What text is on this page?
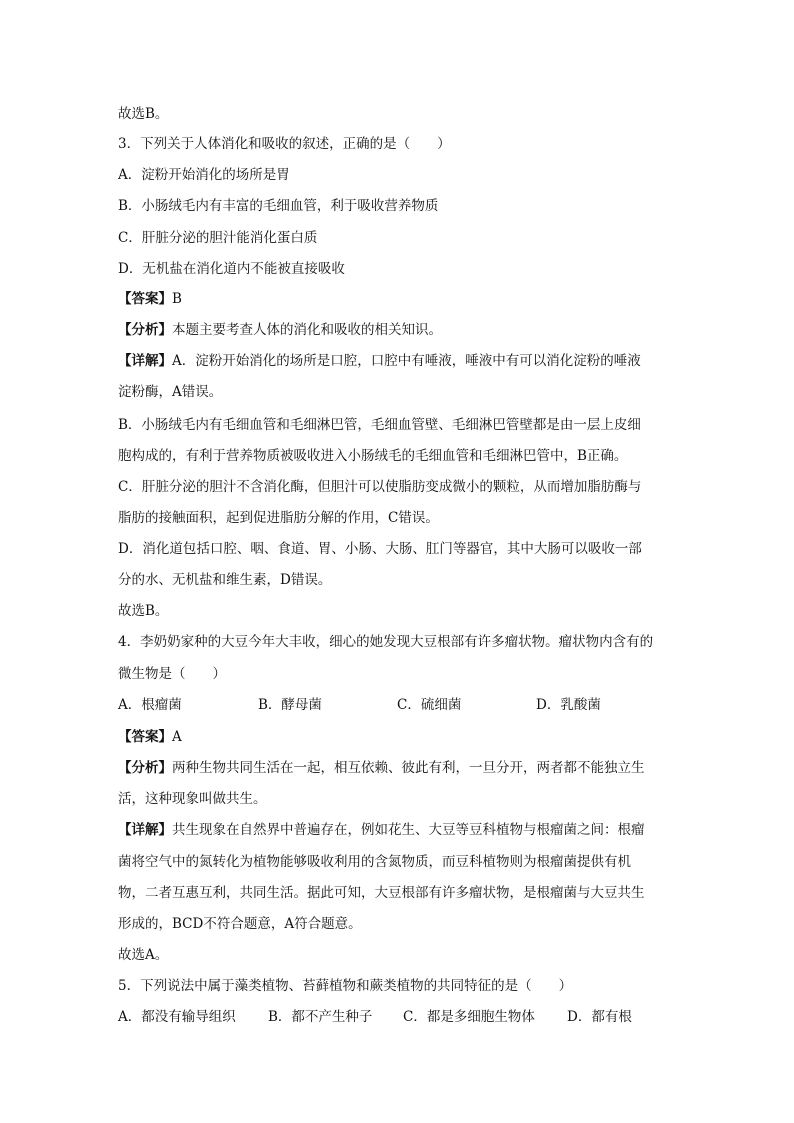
故选B。
3．下列关于人体消化和吸收的叙述，正确的是（　　）
A．淀粉开始消化的场所是胃
B．小肠绒毛内有丰富的毛细血管，利于吸收营养物质
C．肝脏分泌的胆汁能消化蛋白质
D．无机盐在消化道内不能被直接吸收
【答案】B
【分析】本题主要考查人体的消化和吸收的相关知识。
【详解】A．淀粉开始消化的场所是口腔，口腔中有唾液，唾液中有可以消化淀粉的唾液
淀粉酶，A错误。
B．小肠绒毛内有毛细血管和毛细淋巴管，毛细血管壁、毛细淋巴管壁都是由一层上皮细
胞构成的，有利于营养物质被吸收进入小肠绒毛的毛细血管和毛细淋巴管中，B正确。
C．肝脏分泌的胆汁不含消化酶，但胆汁可以使脂肪变成微小的颗粒，从而增加脂肪酶与
脂肪的接触面积，起到促进脂肪分解的作用，C错误。
D．消化道包括口腔、咽、食道、胃、小肠、大肠、肛门等器官，其中大肠可以吸收一部
分的水、无机盐和维生素，D错误。
故选B。
4．李奶奶家种的大豆今年大丰收，细心的她发现大豆根部有许多瘤状物。瘤状物内含有的
微生物是（　　）
A．根瘤菌	B．酵母菌	C．硫细菌	D．乳酸菌
【答案】A
【分析】两种生物共同生活在一起，相互依赖、彼此有利，一旦分开，两者都不能独立生
活，这种现象叫做共生。
【详解】共生现象在自然界中普遍存在，例如花生、大豆等豆科植物与根瘤菌之间：根瘤
菌将空气中的氮转化为植物能够吸收利用的含氮物质，而豆科植物则为根瘤菌提供有机
物，二者互惠互利，共同生活。据此可知，大豆根部有许多瘤状物，是根瘤菌与大豆共生
形成的，BCD不符合题意，A符合题意。
故选A。
5．下列说法中属于藻类植物、苔藓植物和蕨类植物的共同特征的是（　　）
A．都没有输导组织 B．都不产生种子 C．都是多细胞生物体 D．都有根
